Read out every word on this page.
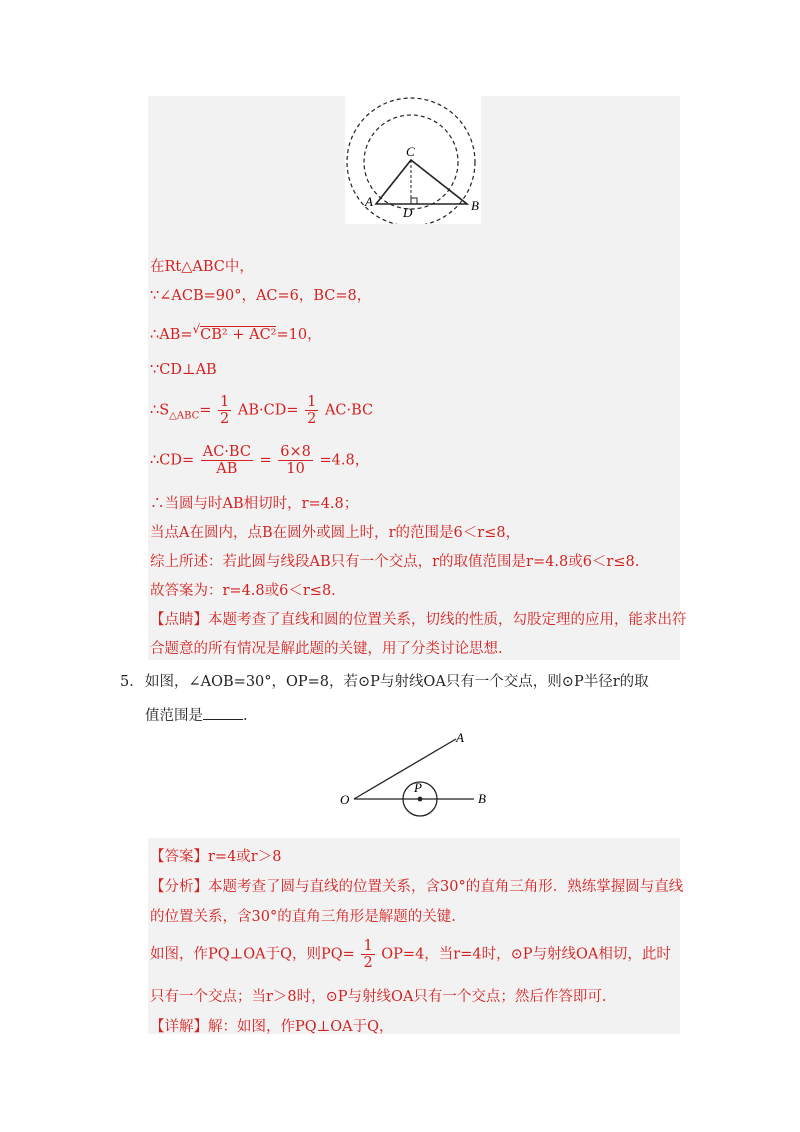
C
A
D	B
在Rt△ABC中，
∵∠ACB=90°，AC=6，BC=8，
∴AB=√CB² + AC²=10，
∵CD⊥AB
$\therefore S_{\triangle ABC}= \frac{1}{2} AB\cdot CD= \frac{1}{2} AC\cdot BC$
∴CD= $\frac{AC\cdot BC}{AB} = \frac{6\times 8}{10} =4.8$，
∴当圆与时AB相切时，r=4.8；
当点A在圆内，点B在圆外或圆上时，r的范围是6＜r≤8，
综上所述：若此圆与线段AB只有一个交点，r的取值范围是r=4.8或6＜r≤8.
故答案为：r=4.8或6＜r≤8.
【点睛】本题考查了直线和圆的位置关系，切线的性质，勾股定理的应用，能求出符
合题意的所有情况是解此题的关键，用了分类讨论思想.
5． 如图，∠AOB=30°，OP=8，若⊙P与射线OA只有一个交点，则⊙P半径r的取
值范围是	.
A
O
P
B
【答案】r=4或r＞8
【分析】本题考查了圆与直线的位置关系，含30°的直角三角形．熟练掌握圆与直线
的位置关系，含30°的直角三角形是解题的关键.
如图，作PQ⊥OA于Q，则$PQ= \frac{1}{2} OP=4$，当r=4时，⊙P与射线OA相切，此时
只有一个交点；当r＞8时，⊙P与射线OA只有一个交点；然后作答即可.
【详解】解：如图，作PQ⊥OA于Q，
